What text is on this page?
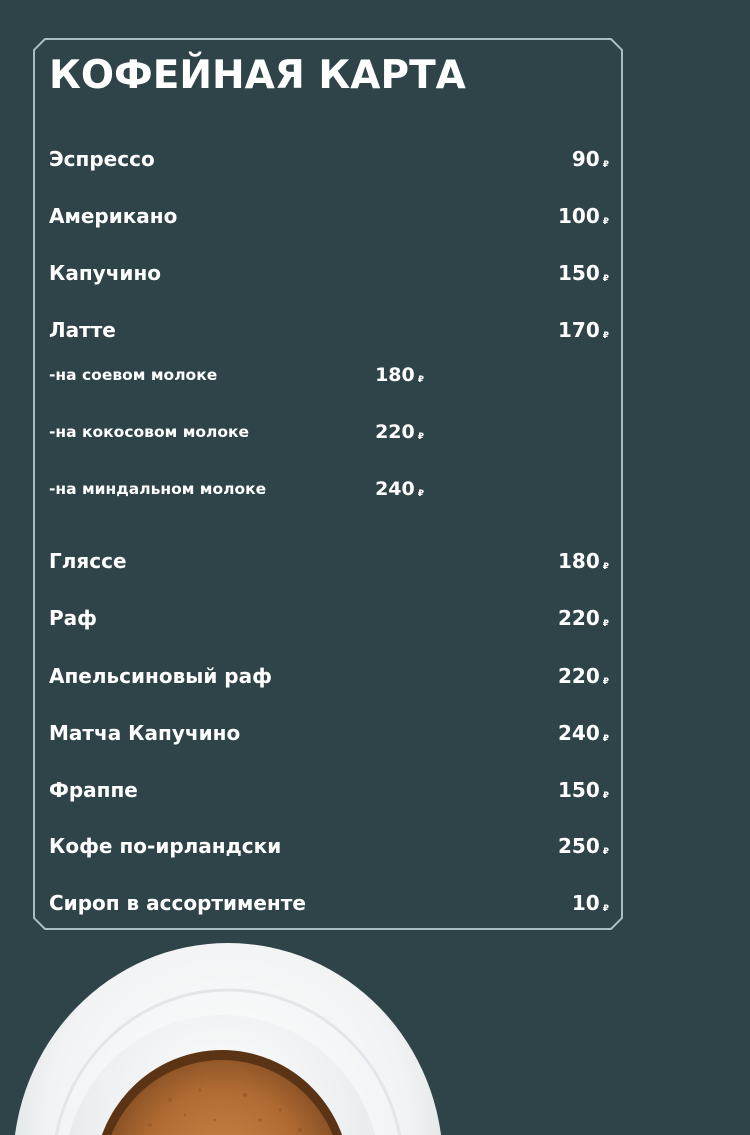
КОФЕЙНАЯ КАРТА
Эспрессо	90 ₽
Американо	100 ₽
Капучино	150 ₽
Латте	170 ₽
-на соевом молоке	180 ₽
-на кокосовом молоке	220 ₽
-на миндальном молоке	240 ₽
Гляссе	180 ₽
Раф	220 ₽
Апельсиновый раф	220 ₽
Матча Капучино	240 ₽
Фраппе	150 ₽
Кофе по-ирландски	250 ₽
Сироп в ассортименте	10 ₽
